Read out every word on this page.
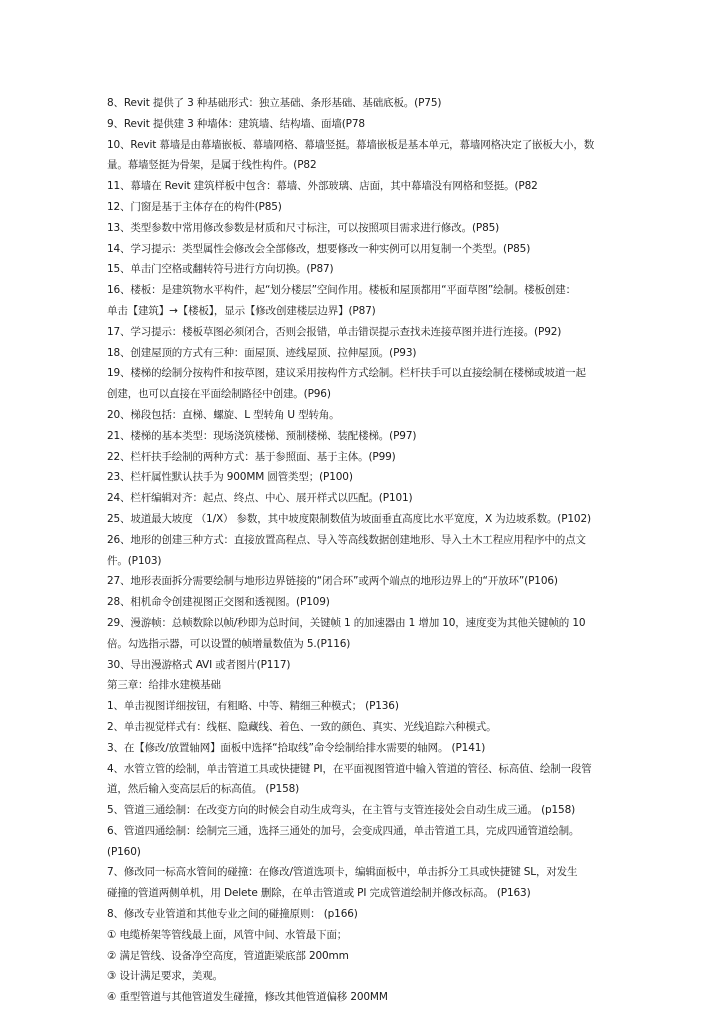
8、Revit 提供了 3 种基础形式：独立基础、条形基础、基础底板。(P75)
9、Revit 提供建 3 种墙体：建筑墙、结构墙、面墙(P78
10、Revit 幕墙是由幕墙嵌板、幕墙网格、幕墙竖挺。幕墙嵌板是基本单元，幕墙网格决定了嵌板大小，数
量。幕墙竖挺为骨架，是属于线性构件。(P82
11、幕墙在 Revit 建筑样板中包含：幕墙、外部玻璃、店面，其中幕墙没有网格和竖挺。(P82
12、门窗是基于主体存在的构件(P85)
13、类型参数中常用修改参数是材质和尺寸标注，可以按照项目需求进行修改。(P85)
14、学习提示：类型属性会修改会全部修改，想要修改一种实例可以用复制一个类型。(P85)
15、单击门空格或翻转符号进行方向切换。(P87)
16、楼板：是建筑物水平构件，起“划分楼层”空间作用。楼板和屋顶都用“平面草图”绘制。楼板创建：
单击【建筑】→【楼板】，显示【修改创建楼层边界】(P87)
17、学习提示：楼板草图必须闭合，否则会报错，单击错误提示查找未连接草图并进行连接。(P92)
18、创建屋顶的方式有三种：面屋顶、迹线屋顶、拉伸屋顶。(P93)
19、楼梯的绘制分按构件和按草图，建议采用按构件方式绘制。栏杆扶手可以直接绘制在楼梯或坡道一起
创建，也可以直接在平面绘制路径中创建。(P96)
20、梯段包括：直梯、螺旋、L 型转角 U 型转角。
21、楼梯的基本类型：现场浇筑楼梯、预制楼梯、装配楼梯。(P97)
22、栏杆扶手绘制的两种方式：基于参照面、基于主体。(P99)
23、栏杆属性默认扶手为 900MM 圆管类型；(P100)
24、栏杆编辑对齐：起点、终点、中心、展开样式以匹配。(P101)
25、坡道最大坡度 （1/X） 参数，其中坡度限制数值为坡面垂直高度比水平宽度，X 为边坡系数。(P102)
26、地形的创建三种方式：直接放置高程点、导入等高线数据创建地形、导入土木工程应用程序中的点文
件。(P103)
27、地形表面拆分需要绘制与地形边界链接的“闭合环”或两个端点的地形边界上的“开放环”(P106)
28、相机命令创建视图正交图和透视图。(P109)
29、漫游帧：总帧数除以帧/秒即为总时间，关键帧 1 的加速器由 1 增加 10，速度变为其他关键帧的 10
倍。勾选指示器，可以设置的帧增量数值为 5.(P116)
30、导出漫游格式 AVI 或者图片(P117)
第三章：给排水建模基础
1、单击视图详细按钮，有粗略、中等、精细三种模式； (P136)
2、单击视觉样式有：线框、隐藏线、着色、一致的颜色、真实、光线追踪六种模式。
3、在【修改/放置轴网】面板中选择“拾取线”命令绘制给排水需要的轴网。 (P141)
4、水管立管的绘制，单击管道工具或快捷键 PI，在平面视图管道中输入管道的管径、标高值、绘制一段管
道，然后输入变高层后的标高值。 (P158)
5、管道三通绘制：在改变方向的时候会自动生成弯头，在主管与支管连接处会自动生成三通。 (p158)
6、管道四通绘制：绘制完三通，选择三通处的加号，会变成四通，单击管道工具，完成四通管道绘制。
(P160)
7、修改同一标高水管间的碰撞：在修改/管道选项卡，编辑面板中，单击拆分工具或快捷键 SL，对发生
碰撞的管道两侧单机，用 Delete 删除，在单击管道或 PI 完成管道绘制并修改标高。 (P163)
8、修改专业管道和其他专业之间的碰撞原则： (p166)
① 电缆桥架等管线最上面，风管中间、水管最下面；
② 满足管线、设备净空高度，管道距梁底部 200mm
③ 设计满足要求，美观。
④ 重型管道与其他管道发生碰撞，修改其他管道偏移 200MM
